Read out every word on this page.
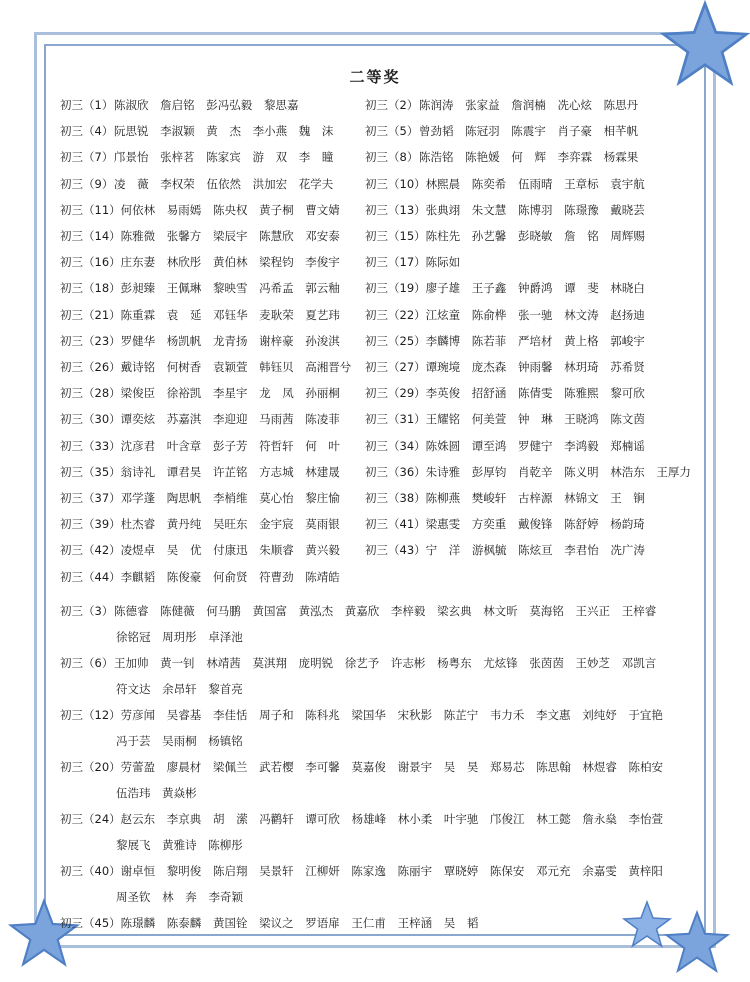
二等奖
初三（1）陈淑欣 詹启铭 彭冯弘毅 黎思嘉	初三（2）陈润涛 张家益 詹润楠 冼心炫 陈思丹
初三（4）阮思锐 李淑颖 黄 杰 李小燕 魏 沫	初三（5）曾劲韬 陈冠羽 陈震宇 肖子豪 相芊帆
初三（7）邝景怡 张梓茗 陈家宾 游 双 李 瞳	初三（8）陈浩铭 陈艳媛 何 辉 李弈霖 杨霖果
初三（9）凌 薇 李权荣 伍依然 洪加宏 花学夫	初三（10）林熙晨 陈奕希 伍雨晴 王章标 袁宇航
初三（11）何依林 易雨嫣 陈央权 黄子桐 曹文婧 初三（13）张典翊 朱文慧 陈博羽 陈璟豫 戴晓芸
初三（14）陈雅微 张馨方 梁辰宇 陈慧欣 邓安泰 初三（15）陈柱先 孙艺馨 彭晓敏 詹 铭 周辉赐
初三（16）庄东妻 林欣彤 黄伯林 梁程钧 李俊宇 初三（17）陈际如
初三（18）彭昶臻 王佩琳 黎映雪 冯希孟 郭云釉 初三（19）廖子雄 王子鑫 钟爵鸿 谭 斐 林晓白
初三（21）陈重霖 袁 延 邓钰华 麦耿荣 夏艺玮 初三（22）江炫童 陈俞桦 张一驰 林文涛 赵扬迪
初三（23）罗健华 杨凯帆 龙青扬 谢梓豪 孙浚淇 初三（25）李麟博 陈若菲 严培材 黄上格 郭峻宇
初三（26）戴诗铭 何树香 袁颖萱 韩钰贝 高湘晋兮 初三（27）谭琬境 庞杰森 钟雨馨 林玥琦 苏希贤
初三（28）梁俊臣 徐裕凯 李星宇 龙 凤 孙丽桐 初三（29）李英俊 招舒涵 陈倩雯 陈雅熙 黎可欣
初三（30）谭奕炫 苏嘉淇 李迎迎 马雨茜 陈凌菲 初三（31）王耀铭 何美萱 钟 琳 王晓鸿 陈文茵
初三（33）沈彦君 叶含章 彭子芳 符哲轩 何 叶 初三（34）陈姝圆 谭至鸿 罗健宁 李鸿毅 郑楠谣
初三（35）翁诗礼 谭君昊 许芷铭 方志城 林建晟 初三（36）朱诗雅 彭厚钧 肖乾辛 陈义明 林浩东 王厚力
初三（37）邓学蓬 陶思帆 李梢维 莫心怡 黎庄愉 初三（38）陈柳燕 樊峻轩 古梓源 林锦文 王 锏
初三（39）杜杰睿 黄丹纯 吴旺东 金宇宸 莫雨银 初三（41）梁惠雯 方奕重 戴俊锋 陈舒婷 杨韵琦
初三（42）凌煜卓 吴 优 付康迅 朱顺睿 黄兴毅 初三（43）宁 洋 游枫毓 陈炫亘 李君怡 冼广涛
初三（44）李麒韬 陈俊豪 何俞贤 符曹劲 陈靖皓
初三（3）陈德睿 陈健薇 何马鹏 黄国富 黄泓杰 黄嘉欣 李梓毅 梁玄典 林文昕 莫海铭 王兴正 王梓睿
徐铭冠 周玥彤 卓泽池
初三（6）王加帅 黄一钊 林靖茜 莫淇翔 庞明锐 徐艺予 许志彬 杨粤东 尤炫锋 张茵茵 王妙芝 邓凯言
符文达 余昂轩 黎首亮
初三（12）劳彦闻 吴睿基 李佳恬 周子和 陈科兆 梁国华 宋秋影 陈芷宁 韦力禾 李文惠 刘纯妤 于宜艳
冯于芸 吴雨桐 杨镇铭
初三（20）劳蕾盈 廖晨材 梁佩兰 武若樱 李可馨 莫嘉俊 谢景宇 吴 昊 郑易芯 陈思翰 林煜睿 陈柏安
伍浩玮 黄焱彬
初三（24）赵云东 李京典 胡 潆 冯鹳轩 谭可欣 杨雄峰 林小柔 叶宇驰 邝俊江 林工懿 詹永燊 李怡萱
黎展飞 黄雅诗 陈柳彤
初三（40）谢卓恒 黎明俊 陈启翔 吴景轩 江柳妍 陈家逸 陈丽宇 覃晓婷 陈保安 邓元充 余嘉雯 黄梓阳
周圣钦 林 奔 李奇颖
初三（45）陈璟麟 陈泰麟 黄国铨 梁议之 罗语扉 王仁甫 王梓涵 吴 韬
